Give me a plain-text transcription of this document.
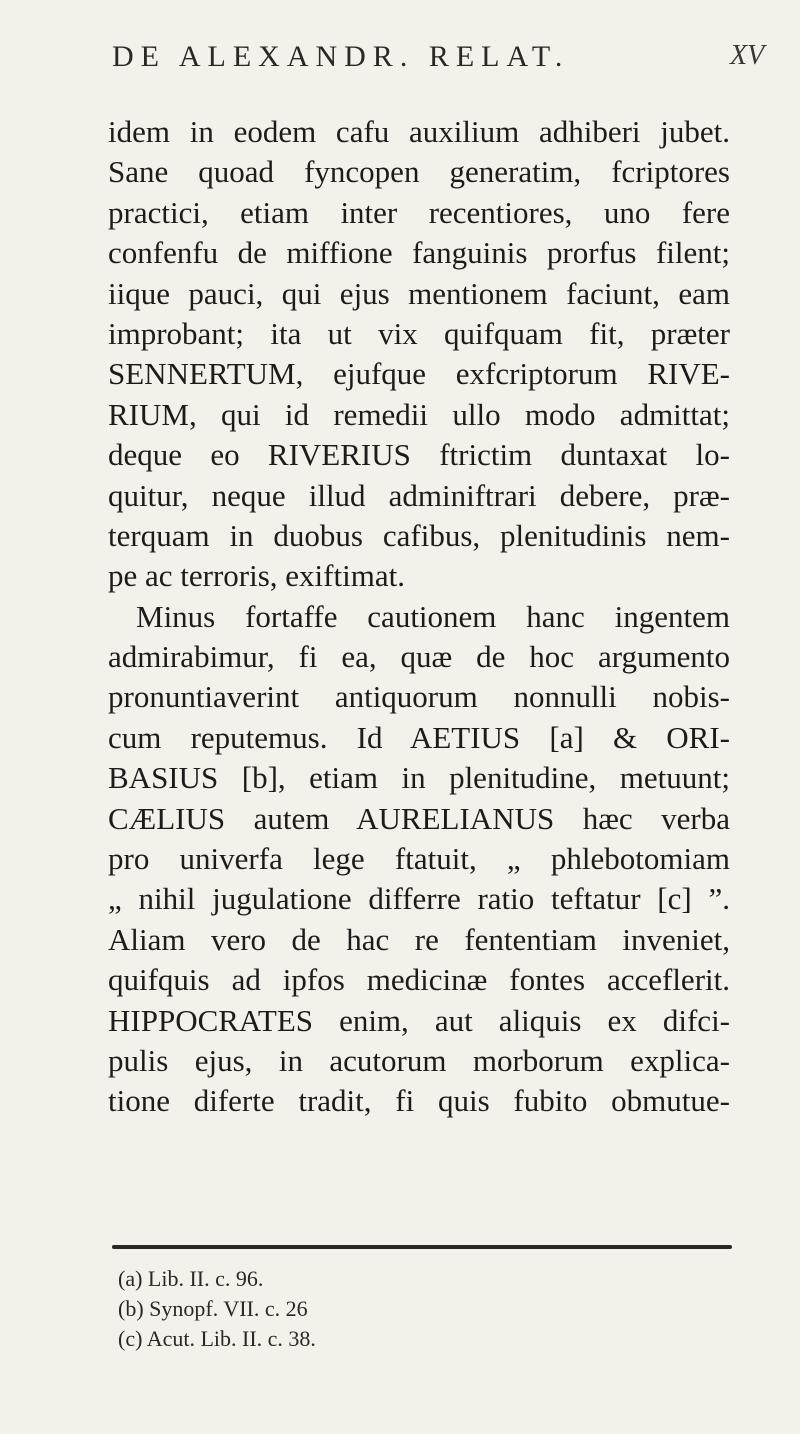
DE ALEXANDR. RELAT.	XV
idem in eodem cafu auxilium adhiberi jubet.
Sane quoad fyncopen generatim, fcriptores
practici, etiam inter recentiores, uno fere
confenfu de miffione fanguinis prorfus filent;
iique pauci, qui ejus mentionem faciunt, eam
improbant; ita ut vix quifquam fit, præter
SENNERTUM, ejufque exfcriptorum RIVE-
RIUM, qui id remedii ullo modo admittat;
deque eo RIVERIUS ftrictim duntaxat lo-
quitur, neque illud adminiftrari debere, præ-
terquam in duobus cafibus, plenitudinis nem-
pe ac terroris, exiftimat.
Minus fortaffe cautionem hanc ingentem
admirabimur, fi ea, quæ de hoc argumento
pronuntiaverint antiquorum nonnulli nobis-
cum reputemus. Id AETIUS [a] & ORI-
BASIUS [b], etiam in plenitudine, metuunt;
CÆLIUS autem AURELIANUS hæc verba
pro univerfa lege ftatuit, „ phlebotomiam
„ nihil jugulatione differre ratio teftatur [c] ”.
Aliam vero de hac re fententiam inveniet,
quifquis ad ipfos medicinæ fontes acceflerit.
HIPPOCRATES enim, aut aliquis ex difci-
pulis ejus, in acutorum morborum explica-
tione diferte tradit, fi quis fubito obmutue-
(a) Lib. II. c. 96.
(b) Synopf. VII. c. 26
(c) Acut. Lib. II. c. 38.
